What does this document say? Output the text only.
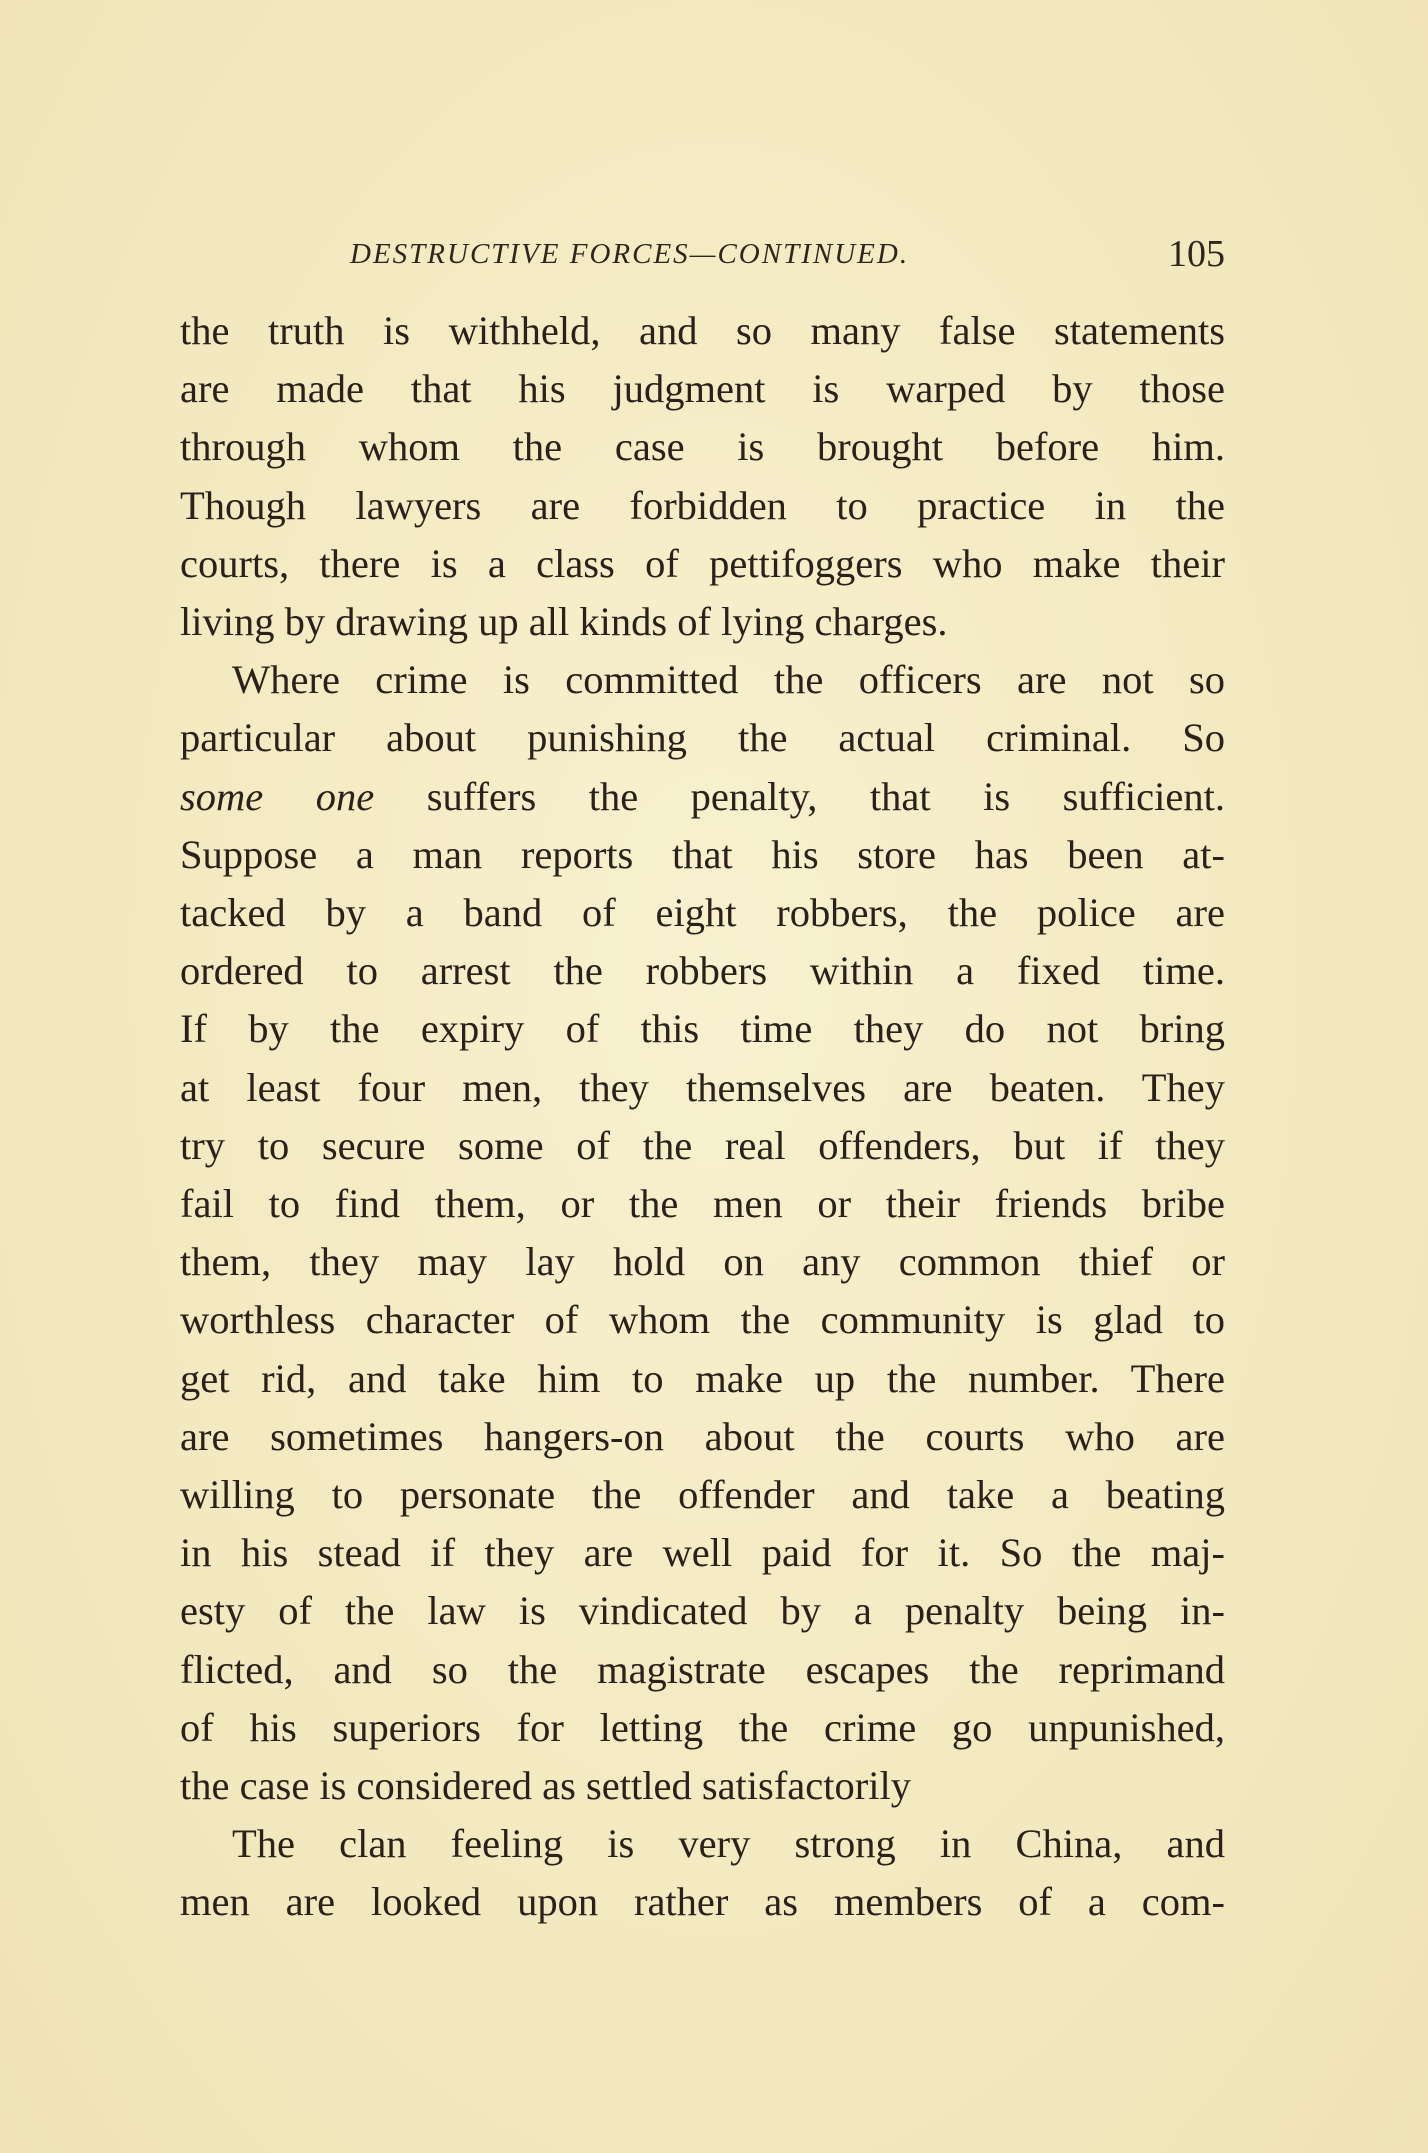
DESTRUCTIVE FORCES—CONTINUED.	105
the truth is withheld, and so many false statements
are made that his judgment is warped by those
through whom the case is brought before him.
Though lawyers are forbidden to practice in the
courts, there is a class of pettifoggers who make their
living by drawing up all kinds of lying charges.
Where crime is committed the officers are not so
particular about punishing the actual criminal. So
some one suffers the penalty, that is sufficient.
Suppose a man reports that his store has been at-
tacked by a band of eight robbers, the police are
ordered to arrest the robbers within a fixed time.
If by the expiry of this time they do not bring
at least four men, they themselves are beaten. They
try to secure some of the real offenders, but if they
fail to find them, or the men or their friends bribe
them, they may lay hold on any common thief or
worthless character of whom the community is glad to
get rid, and take him to make up the number. There
are sometimes hangers-on about the courts who are
willing to personate the offender and take a beating
in his stead if they are well paid for it. So the maj-
esty of the law is vindicated by a penalty being in-
flicted, and so the magistrate escapes the reprimand
of his superiors for letting the crime go unpunished,
the case is considered as settled satisfactorily
The clan feeling is very strong in China, and
men are looked upon rather as members of a com-
